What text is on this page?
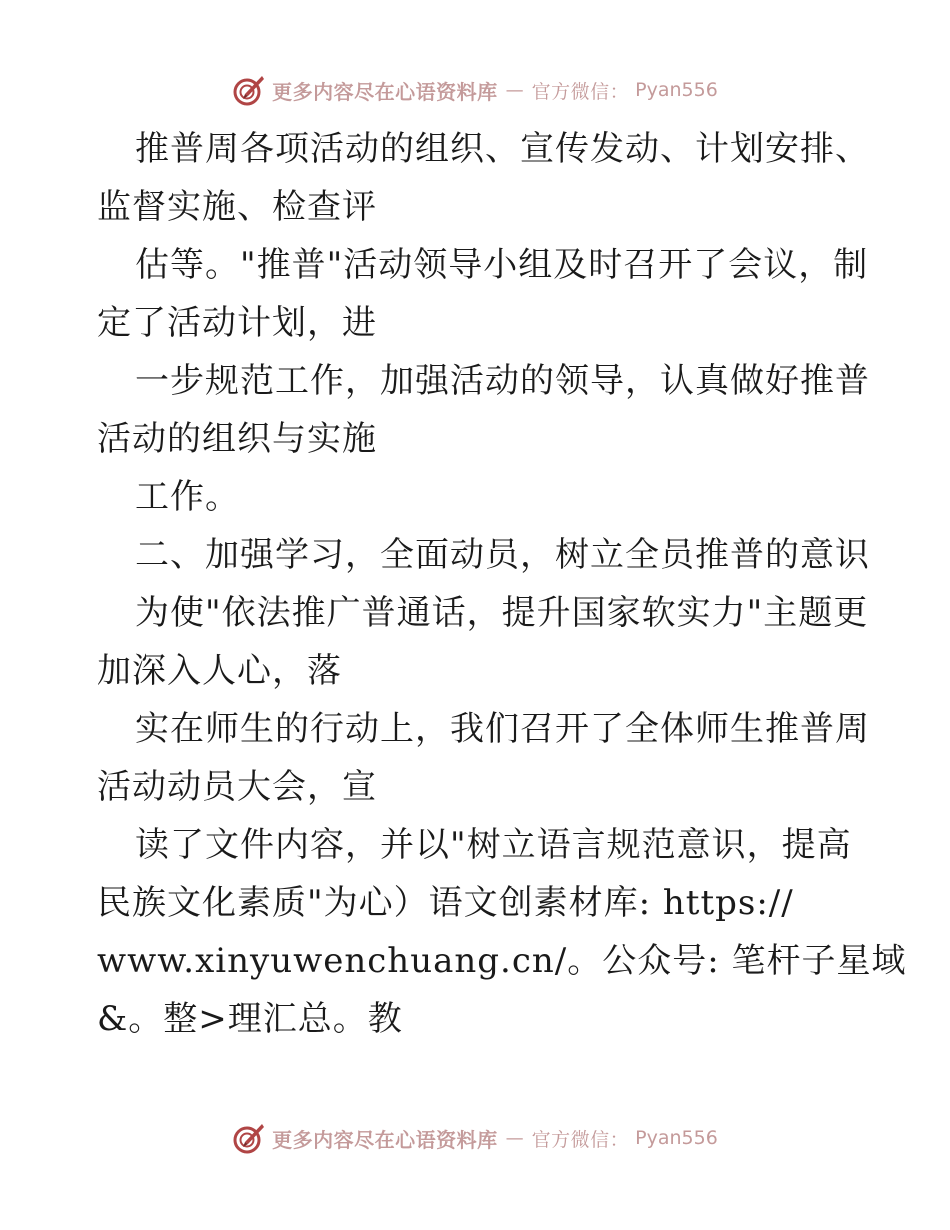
更多内容尽在心语资料库 — 官方微信： Pyan556
推普周各项活动的组织、宣传发动、计划安排、
监督实施、检查评
估等。"推普"活动领导小组及时召开了会议，制
定了活动计划，进
一步规范工作，加强活动的领导，认真做好推普
活动的组织与实施
工作。
二、加强学习，全面动员，树立全员推普的意识
为使"依法推广普通话，提升国家软实力"主题更
加深入人心，落
实在师生的行动上，我们召开了全体师生推普周
活动动员大会，宣
读了文件内容，并以"树立语言规范意识，提高
民族文化素质"为心）语文创素材库: https://
www.xinyuwenchuang.cn/。公众号: 笔杆子星域
&。整>理汇总。教
更多内容尽在心语资料库 — 官方微信： Pyan556
